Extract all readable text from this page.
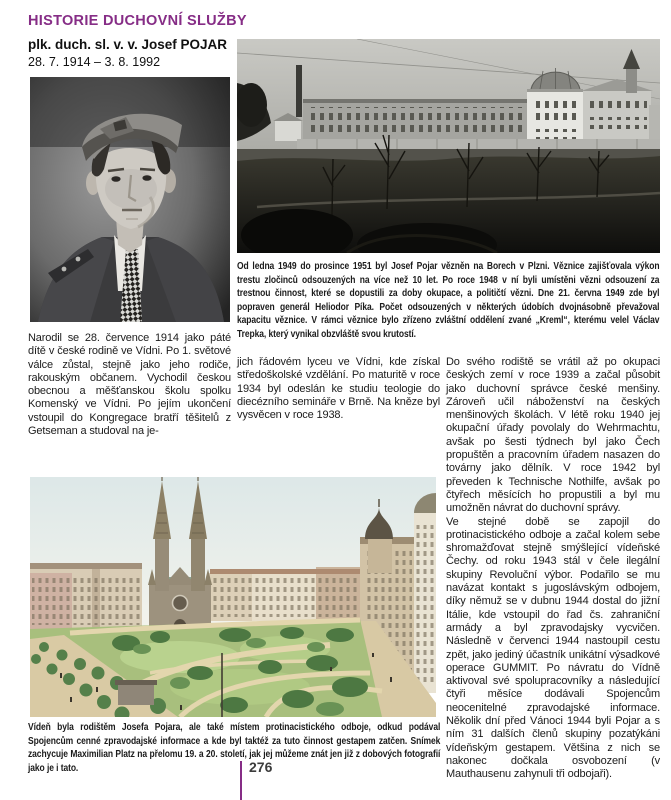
HISTORIE DUCHOVNÍ SLUŽBY
plk. duch. sl. v. v. Josef POJAR
28. 7. 1914 – 3. 8. 1992
Od ledna 1949 do prosince 1951 byl Josef Pojar vězněn na Borech v Plzni. Věznice zajišťovala výkon trestu zločinců odsouzených na více než 10 let. Po roce 1948 v ní byli umístěni vězni odsouzení za trestnou činnost, které se dopustili za doby okupace, a političtí vězni. Dne 21. června 1949 zde byl popraven generál Heliodor Píka. Počet odsouzených v některých údobích dvojnásobně převažoval kapacitu věznice. V rámci věznice bylo zřízeno zvláštní oddělení zvané „Kreml“, kterému velel Václav Trepka, který vynikal obzvláště svou krutostí.

Narodil se 28. července 1914 jako páté dítě v české rodině ve Vídni. Po 1. světové válce zůstal, stejně jako jeho rodiče, rakouským občanem. Vychodil českou obecnou a měšťanskou školu spolku Komenský ve Vídni. Po jejím ukončení vstoupil do Kongregace bratří těšitelů z Getseman a studoval na je-

jich řádovém lyceu ve Vídni, kde získal středoškolské vzdělání. Po maturitě v roce 1934 byl odeslán ke studiu teologie do diecézního semináře v Brně. Na kněze byl vysvěcen v roce 1938.

Do svého rodiště se vrátil až po okupaci českých zemí v roce 1939 a začal působit jako duchovní správce české menšiny. Zároveň učil náboženství na českých menšinových školách. V létě roku 1940 jej okupační úřady povolaly do Wehrmachtu, avšak po šesti týdnech byl jako Čech propuštěn a pracovním úřadem nasazen do továrny jako dělník. V roce 1942 byl převeden k Technische Nothilfe, avšak po čtyřech měsících ho propustili a byl mu umožněn návrat do duchovní správy.

Ve stejné době se zapojil do protinacistického odboje a začal kolem sebe shromažďovat stejně smýšlející vídeňské Čechy. od roku 1943 stál v čele ilegální skupiny Revoluční výbor. Podařilo se mu navázat kontakt s jugoslávským odbojem, díky němuž se v dubnu 1944 dostal do jižní Itálie, kde vstoupil do řad čs. zahraniční armády a byl zpravodajsky vycvičen. Následně v červenci 1944 nastoupil cestu zpět, jako jediný účastník unikátní výsadkové operace GUMMIT. Po návratu do Vídně aktivoval své spolupracovníky a následující čtyři měsíce dodávali Spojencům neocenitelné zpravodajské informace. Několik dní před Vánoci 1944 byli Pojar a s ním 31 dalších členů skupiny pozatýkáni vídeňským gestapem. Většina z nich se nakonec dočkala osvobození (v Mauthausenu zahynuli tři odbojaři).

Vídeň byla rodištěm Josefa Pojara, ale také místem protinacistického odboje, odkud podával Spojencům cenné zpravodajské informace a kde byl taktéž za tuto činnost gestapem zatčen. Snímek zachycuje Maximilian Platz na přelomu 19. a 20. století, jak jej můžeme znát jen již z dobových fotografií jako je i tato.	276
